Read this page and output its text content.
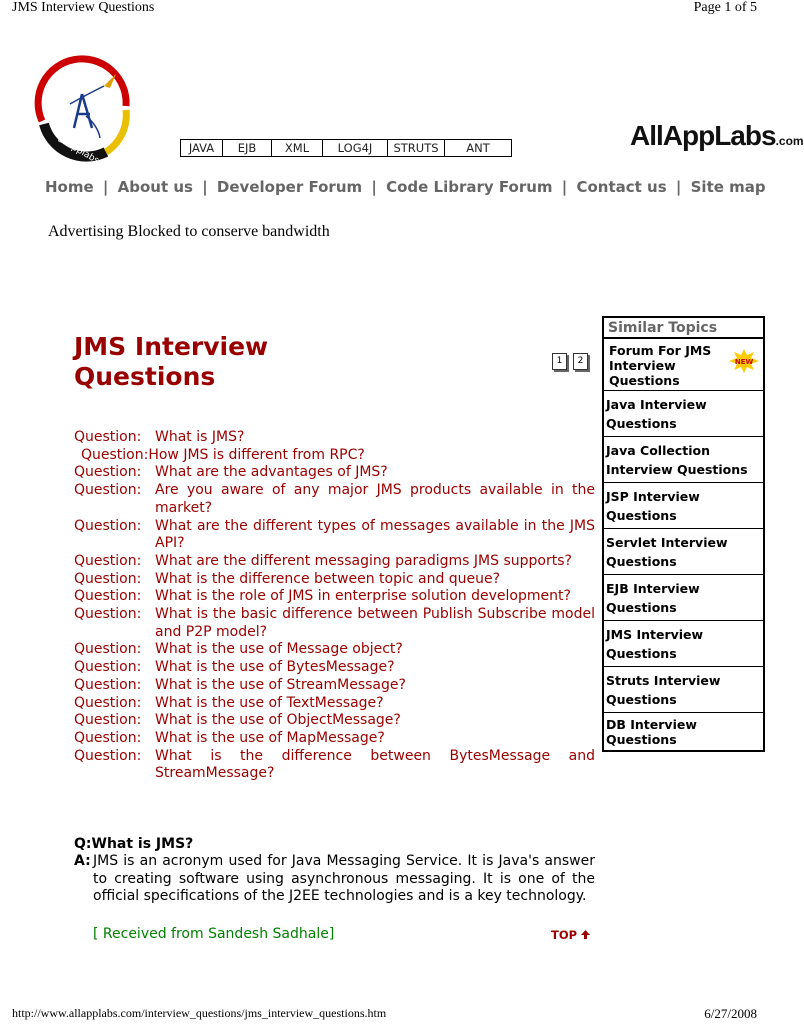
JMS Interview Questions	Page 1 of 5
allapplabs	JAVA	EJB	XML	LOG4J	STRUTS	ANT	AllAppLabs.com
Home | About us | Developer Forum | Code Library Forum | Contact us | Site map
Advertising Blocked to conserve bandwidth
JMS Interview
Questions
1	2
Question: What is JMS?
Question: How JMS is different from RPC?
Question: What are the advantages of JMS?
Question: Are you aware of any major JMS products available in the market?
Question: What are the different types of messages available in the JMS API?
Question: What are the different messaging paradigms JMS supports?
Question: What is the difference between topic and queue?
Question: What is the role of JMS in enterprise solution development?
Question: What is the basic difference between Publish Subscribe model and P2P model?
Question: What is the use of Message object?
Question: What is the use of BytesMessage?
Question: What is the use of StreamMessage?
Question: What is the use of TextMessage?
Question: What is the use of ObjectMessage?
Question: What is the use of MapMessage?
Question: What is the difference between BytesMessage and StreamMessage?
Q:What is JMS?
A: JMS is an acronym used for Java Messaging Service. It is Java's answer to creating software using asynchronous messaging. It is one of the official specifications of the J2EE technologies and is a key technology.
[ Received from Sandesh Sadhale]	TOP
Similar Topics
Forum For JMS Interview Questions
NEW
Java Interview Questions
Java Collection Interview Questions
JSP Interview Questions
Servlet Interview Questions
EJB Interview Questions
JMS Interview Questions
Struts Interview Questions
DB Interview Questions
http://www.allapplabs.com/interview_questions/jms_interview_questions.htm	6/27/2008
